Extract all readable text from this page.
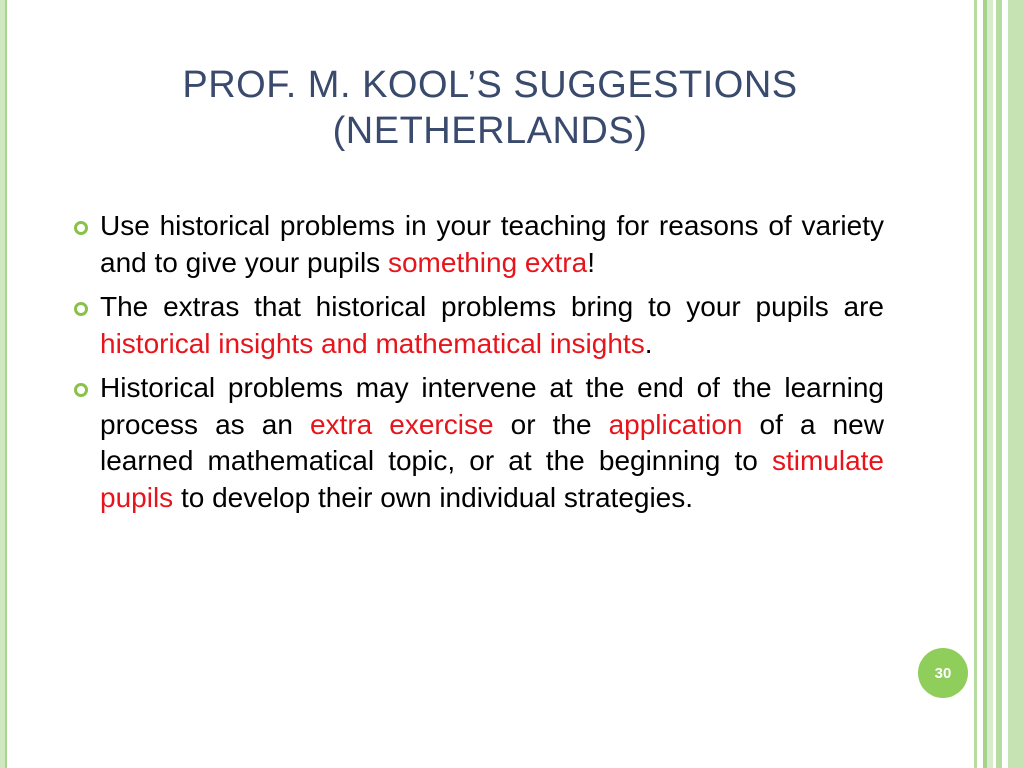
PROF. M. KOOL’S SUGGESTIONS
(NETHERLANDS)
Use historical problems in your teaching for reasons of variety and to give your pupils something extra!
The extras that historical problems bring to your pupils are historical insights and mathematical insights.
Historical problems may intervene at the end of the learning process as an extra exercise or the application of a new learned mathematical topic, or at the beginning to stimulate pupils to develop their own individual strategies.
30
